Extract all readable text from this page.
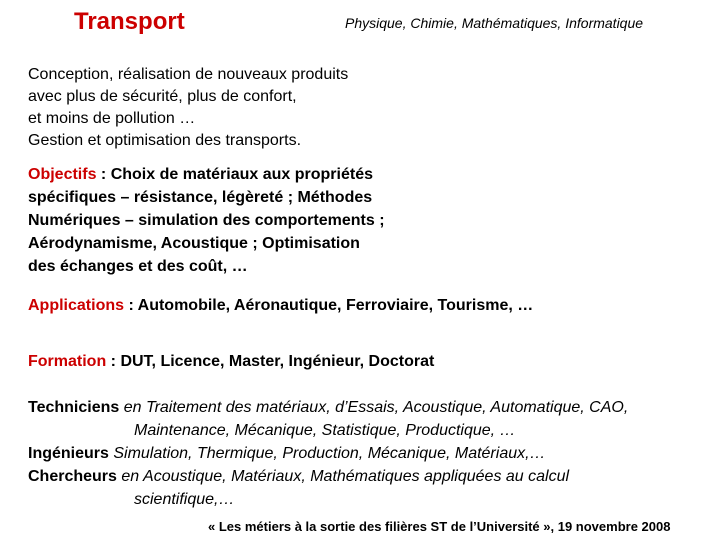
Transport	Physique, Chimie, Mathématiques, Informatique
Conception, réalisation de nouveaux produits
avec plus de sécurité, plus de confort,
et moins de pollution …
Gestion et optimisation des transports.
Objectifs : Choix de matériaux aux propriétés
spécifiques – résistance, légèreté ; Méthodes
Numériques – simulation des comportements ;
Aérodynamisme, Acoustique ; Optimisation
des échanges et des coût, …
Applications : Automobile, Aéronautique, Ferroviaire, Tourisme, …
Formation : DUT, Licence, Master, Ingénieur, Doctorat
Techniciens en Traitement des matériaux, d’Essais, Acoustique, Automatique, CAO,
Maintenance, Mécanique, Statistique, Productique, …
Ingénieurs Simulation, Thermique, Production, Mécanique, Matériaux,…
Chercheurs en Acoustique, Matériaux, Mathématiques appliquées au calcul
scientifique,…
« Les métiers à la sortie des filières ST de l’Université », 19 novembre 2008
